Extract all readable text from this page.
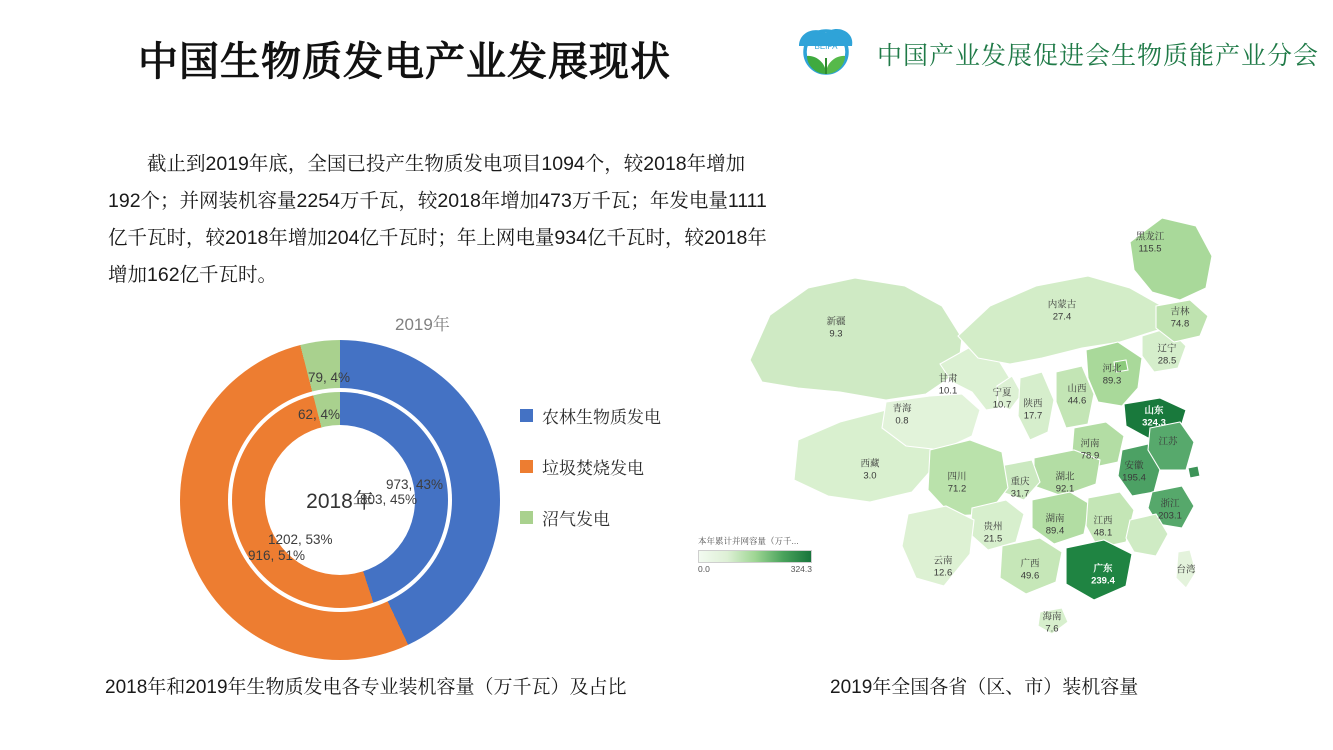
中国生物质发电产业发展现状	BEIPA 中国产业发展促进会生物质能产业分会
截止到2019年底，全国已投产生物质发电项目1094个，较2018年增加192个；并网装机容量2254万千瓦，较2018年增加473万千瓦；年发电量1111亿千瓦时，较2018年增加204亿千瓦时；年上网电量934亿千瓦时，较2018年增加162亿千瓦时。
2019年
2018年
973, 43%
803, 45%
1202, 53%
916, 51%
79, 4%
62, 4%	农林生物质发电
垃圾焚烧发电
沼气发电
2018年和2019年生物质发电各专业装机容量（万千瓦）及占比
黑龙江
115.5
内蒙古
27.4	吉林
74.8
辽宁
28.5
新疆
9.3
甘肃
10.1	宁夏
10.7 陕西
17.7
山西
44.6
河北
89.3
山东
324.3
青海
0.8
西藏
3.0
河南
78.9
安徽
195.4
江苏
四川
71.2
重庆
31.7
湖北
92.1
湖南
89.4
江西
48.1
浙江
203.1
贵州
21.5
云南
12.6
广西
49.6
广东
239.4
海南
7.6
台湾
本年累计并网容量（万千...
0.0	324.3
2019年全国各省（区、市）装机容量
